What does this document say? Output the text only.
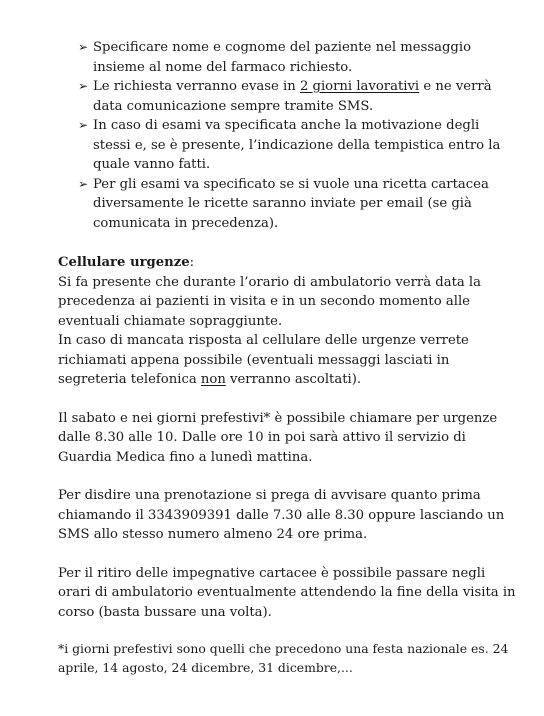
➢ Specificare nome e cognome del paziente nel messaggio insieme al nome del farmaco richiesto.
➢ Le richiesta verranno evase in 2 giorni lavorativi e ne verrà data comunicazione sempre tramite SMS.
➢ In caso di esami va specificata anche la motivazione degli stessi e, se è presente, l’indicazione della tempistica entro la quale vanno fatti.
➢ Per gli esami va specificato se si vuole una ricetta cartacea diversamente le ricette saranno inviate per email (se già comunicata in precedenza).

Cellulare urgenze:

Si fa presente che durante l’orario di ambulatorio verrà data la precedenza ai pazienti in visita e in un secondo momento alle eventuali chiamate sopraggiunte.

In caso di mancata risposta al cellulare delle urgenze verrete richiamati appena possibile (eventuali messaggi lasciati in segreteria telefonica non verranno ascoltati).

Il sabato e nei giorni prefestivi* è possibile chiamare per urgenze dalle 8.30 alle 10. Dalle ore 10 in poi sarà attivo il servizio di Guardia Medica fino a lunedì mattina.

Per disdire una prenotazione si prega di avvisare quanto prima chiamando il 3343909391 dalle 7.30 alle 8.30 oppure lasciando un SMS allo stesso numero almeno 24 ore prima.

Per il ritiro delle impegnative cartacee è possibile passare negli orari di ambulatorio eventualmente attendendo la fine della visita in corso (basta bussare una volta).

*i giorni prefestivi sono quelli che precedono una festa nazionale es. 24 aprile, 14 agosto, 24 dicembre, 31 dicembre,...
